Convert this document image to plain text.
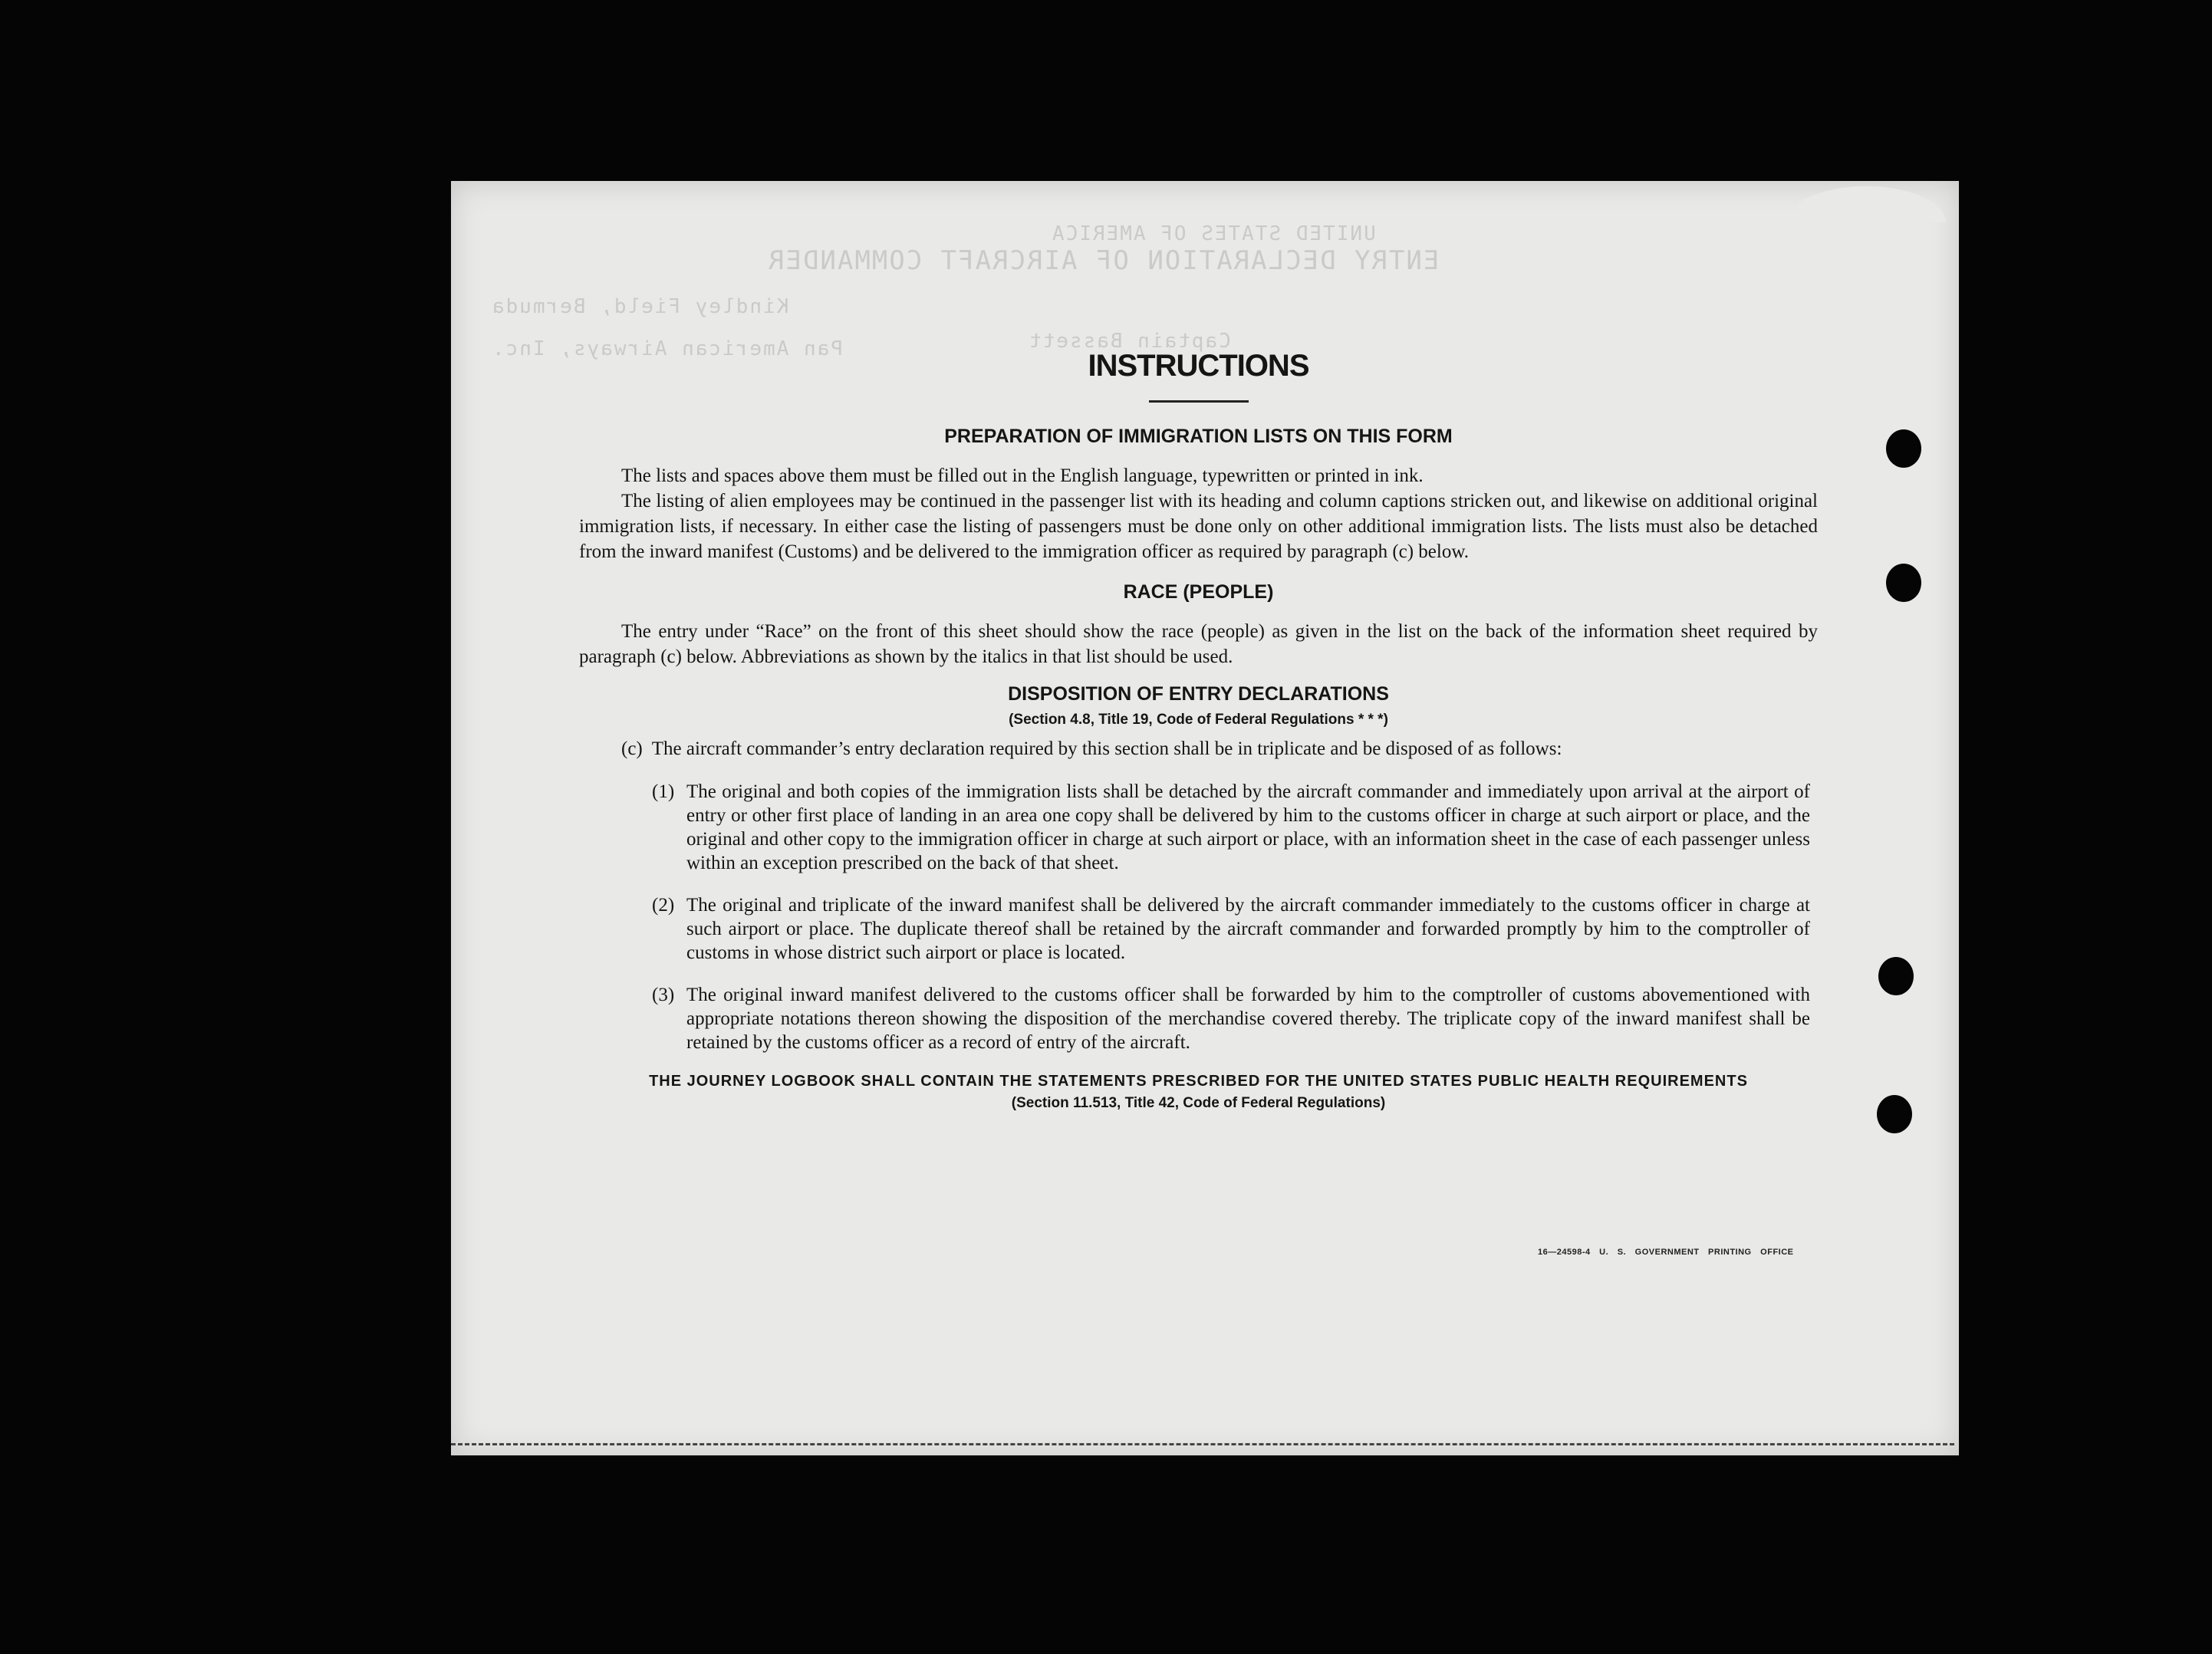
UNITED STATES OF AMERICA
ENTRY DECLARATION OF AIRCRAFT COMMANDER
Kindley Field, Bermuda
Pan American Airways, Inc.	Captain Bassett
INSTRUCTIONS
PREPARATION OF IMMIGRATION LISTS ON THIS FORM

The lists and spaces above them must be filled out in the English language, typewritten or printed in ink.

The listing of alien employees may be continued in the passenger list with its heading and column captions stricken out, and likewise on additional original immigration lists, if necessary. In either case the listing of passengers must be done only on other additional immigration lists. The lists must also be detached from the inward manifest (Customs) and be delivered to the immigration officer as required by paragraph (c) below.

RACE (PEOPLE)

The entry under “Race” on the front of this sheet should show the race (people) as given in the list on the back of the information sheet required by paragraph (c) below. Abbreviations as shown by the italics in that list should be used.

DISPOSITION OF ENTRY DECLARATIONS
(Section 4.8, Title 19, Code of Federal Regulations * * *)
(c) The aircraft commander’s entry declaration required by this section shall be in triplicate and be disposed of as follows:
(1) The original and both copies of the immigration lists shall be detached by the aircraft commander and immediately upon arrival at the airport of entry or other first place of landing in an area one copy shall be delivered by him to the customs officer in charge at such airport or place, and the original and other copy to the immigration officer in charge at such airport or place, with an information sheet in the case of each passenger unless within an exception prescribed on the back of that sheet.
(2) The original and triplicate of the inward manifest shall be delivered by the aircraft commander immediately to the customs officer in charge at such airport or place. The duplicate thereof shall be retained by the aircraft commander and forwarded promptly by him to the comptroller of customs in whose district such airport or place is located.
(3) The original inward manifest delivered to the customs officer shall be forwarded by him to the comptroller of customs abovementioned with appropriate notations thereon showing the disposition of the merchandise covered thereby. The triplicate copy of the inward manifest shall be retained by the customs officer as a record of entry of the aircraft.
THE JOURNEY LOGBOOK SHALL CONTAIN THE STATEMENTS PRESCRIBED FOR THE UNITED STATES PUBLIC HEALTH REQUIREMENTS
(Section 11.513, Title 42, Code of Federal Regulations)
16—24598-4 U. S. GOVERNMENT PRINTING OFFICE
